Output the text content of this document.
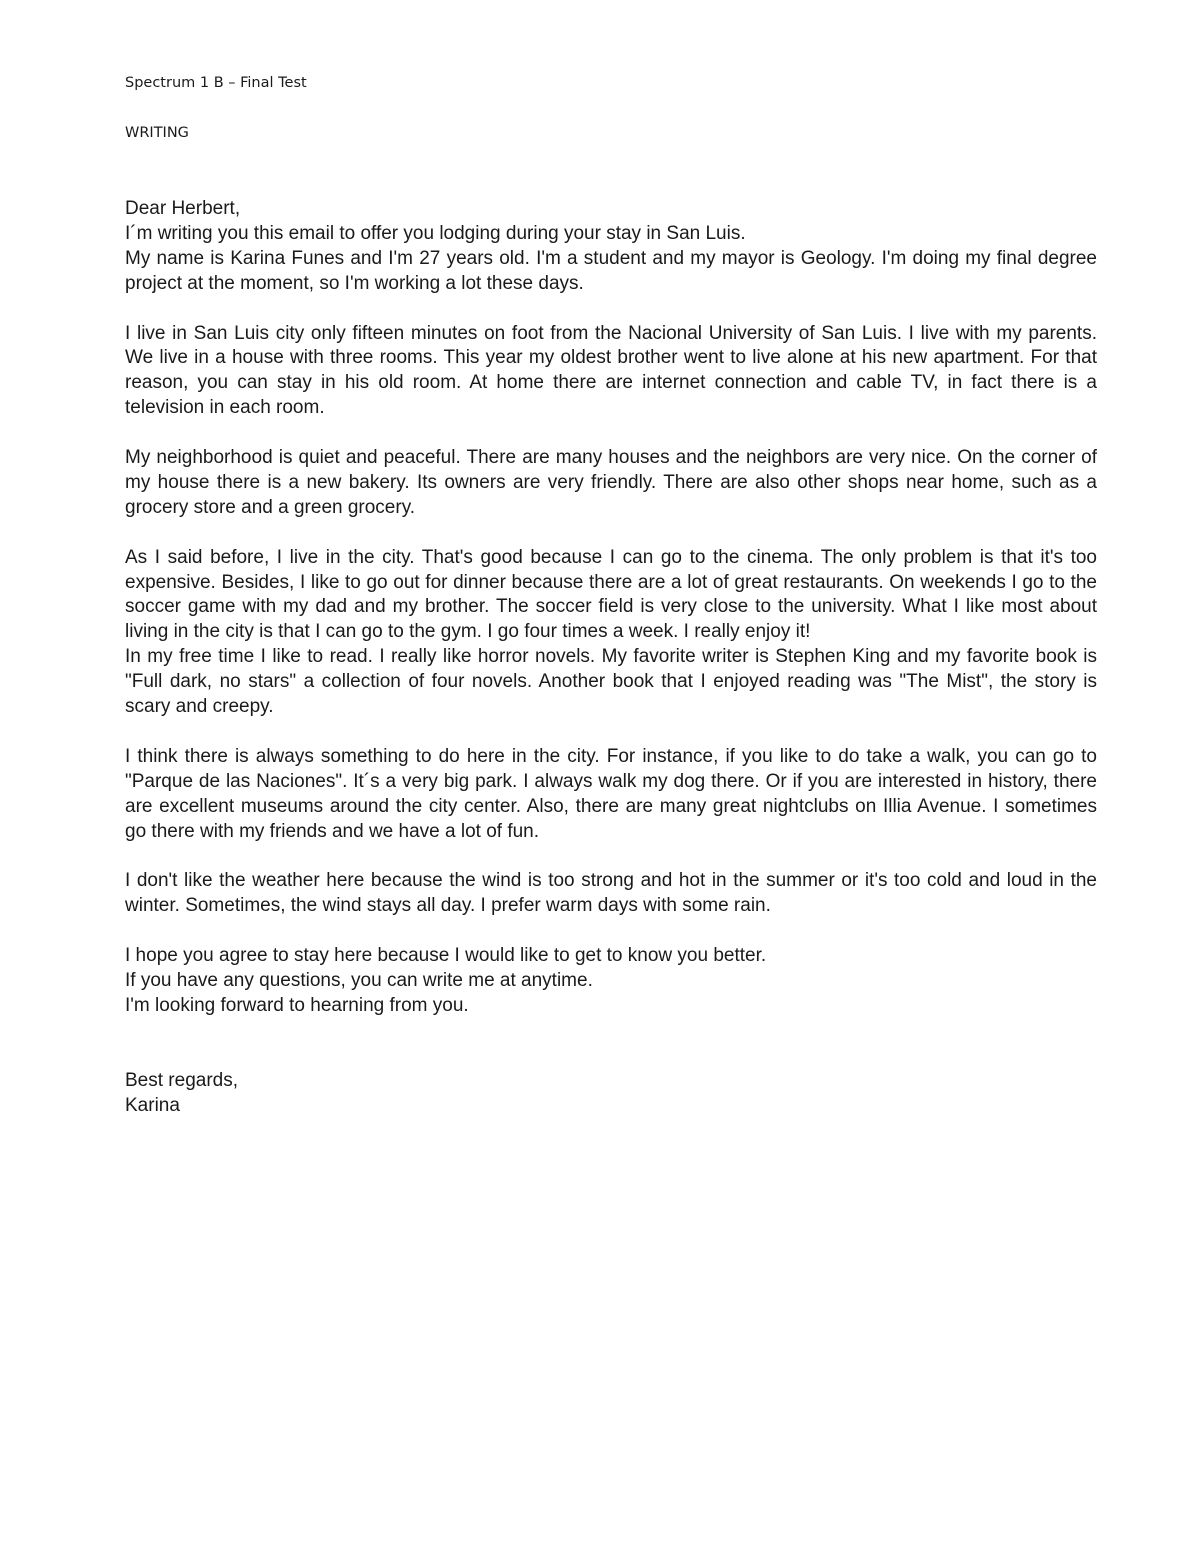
Spectrum 1 B – Final Test
WRITING

Dear Herbert,

I´m writing you this email to offer you lodging during your stay in San Luis.

My name is Karina Funes and I'm 27 years old. I'm a student and my mayor is Geology. I'm doing my final degree project at the moment, so I'm working a lot these days.

I live in San Luis city only fifteen minutes on foot from the Nacional University of San Luis. I live with my parents. We live in a house with three rooms. This year my oldest brother went to live alone at his new apartment. For that reason, you can stay in his old room. At home there are internet connection and cable TV, in fact there is a television in each room.

My neighborhood is quiet and peaceful. There are many houses and the neighbors are very nice. On the corner of my house there is a new bakery. Its owners are very friendly. There are also other shops near home, such as a grocery store and a green grocery.

As I said before, I live in the city. That's good because I can go to the cinema. The only problem is that it's too expensive. Besides, I like to go out for dinner because there are a lot of great restaurants. On weekends I go to the soccer game with my dad and my brother. The soccer field is very close to the university. What I like most about living in the city is that I can go to the gym. I go four times a week. I really enjoy it!

In my free time I like to read. I really like horror novels. My favorite writer is Stephen King and my favorite book is "Full dark, no stars" a collection of four novels. Another book that I enjoyed reading was "The Mist", the story is scary and creepy.

I think there is always something to do here in the city. For instance, if you like to do take a walk, you can go to "Parque de las Naciones". It´s a very big park. I always walk my dog there. Or if you are interested in history, there are excellent museums around the city center. Also, there are many great nightclubs on Illia Avenue. I sometimes go there with my friends and we have a lot of fun.

I don't like the weather here because the wind is too strong and hot in the summer or it's too cold and loud in the winter. Sometimes, the wind stays all day. I prefer warm days with some rain.

I hope you agree to stay here because I would like to get to know you better.

If you have any questions, you can write me at anytime.

I'm looking forward to hearning from you.

Best regards,

Karina
